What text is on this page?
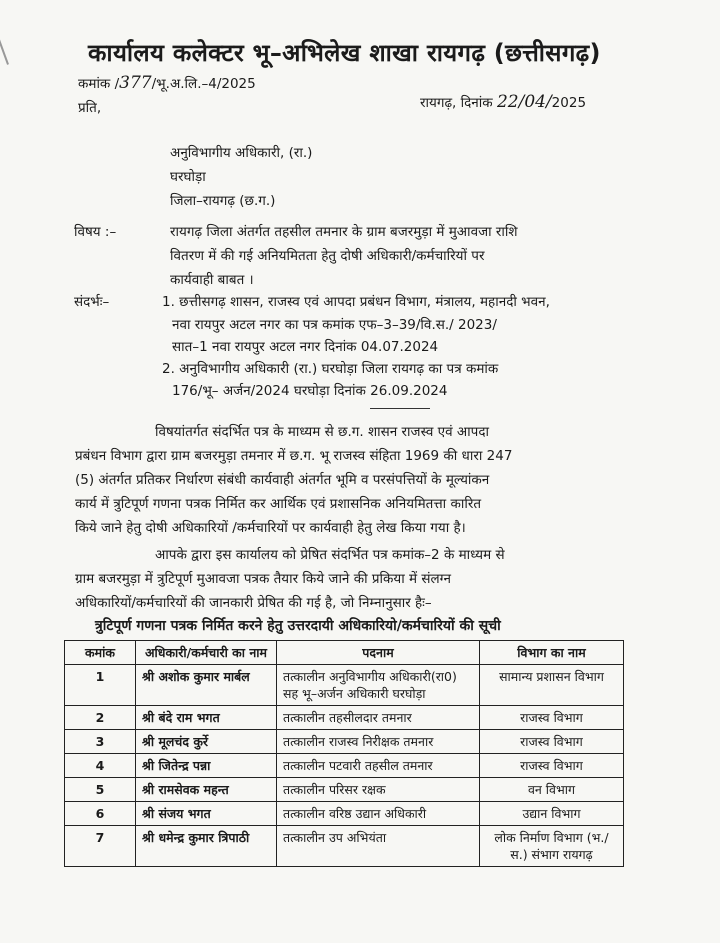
कार्यालय कलेक्टर भू–अभिलेख शाखा रायगढ़ (छत्तीसगढ़)
कमांक /377/भू.अ.लि.–4/2025
प्रति,	रायगढ़, दिनांक 22/04/2025
अनुविभागीय अधिकारी, (रा.)
घरघोड़ा
जिला–रायगढ़ (छ.ग.)
विषय :–	रायगढ़ जिला अंतर्गत तहसील तमनार के ग्राम बजरमुड़ा में मुआवजा राशि
वितरण में की गई अनियमितता हेतु दोषी अधिकारी/कर्मचारियों पर
कार्यवाही बाबत ।
संदर्भः–	1. छत्तीसगढ़ शासन, राजस्व एवं आपदा प्रबंधन विभाग, मंत्रालय, महानदी भवन,
नवा रायपुर अटल नगर का पत्र कमांक एफ–3–39/वि.स./ 2023/
सात–1 नवा रायपुर अटल नगर दिनांक 04.07.2024
2. अनुविभागीय अधिकारी (रा.) घरघोड़ा जिला रायगढ़ का पत्र कमांक
176/भू– अर्जन/2024 घरघोड़ा दिनांक 26.09.2024
विषयांतर्गत संदर्भित पत्र के माध्यम से छ.ग. शासन राजस्व एवं आपदा
प्रबंधन विभाग द्वारा ग्राम बजरमुड़ा तमनार में छ.ग. भू राजस्व संहिता 1969 की धारा 247
(5) अंतर्गत प्रतिकर निर्धारण संबंधी कार्यवाही अंतर्गत भूमि व परसंपत्तियों के मूल्यांकन
कार्य में त्रुटिपूर्ण गणना पत्रक निर्मित कर आर्थिक एवं प्रशासनिक अनियमितत्ता कारित
किये जाने हेतु दोषी अधिकारियों /कर्मचारियों पर कार्यवाही हेतु लेख किया गया है।
आपके द्वारा इस कार्यालय को प्रेषित संदर्भित पत्र कमांक–2 के माध्यम से
ग्राम बजरमुड़ा में त्रुटिपूर्ण मुआवजा पत्रक तैयार किये जाने की प्रकिया में संलग्न
अधिकारियों/कर्मचारियों की जानकारी प्रेषित की गई है, जो निम्नानुसार हैः–
त्रुटिपूर्ण गणना पत्रक निर्मित करने हेतु उत्तरदायी अधिकारियो/कर्मचारियों की सूची
कमांक	अधिकारी/कर्मचारी का नाम	पदनाम	विभाग का नाम
1	श्री अशोक कुमार मार्बल	तत्कालीन अनुविभागीय अधिकारी(रा0) सह भू–अर्जन अधिकारी घरघोड़ा	सामान्य प्रशासन विभाग
2	श्री बंदे राम भगत	तत्कालीन तहसीलदार तमनार	राजस्व विभाग
3	श्री मूलचंद कुर्रे	तत्कालीन राजस्व निरीक्षक तमनार	राजस्व विभाग
4	श्री जितेन्द्र पन्ना	तत्कालीन पटवारी तहसील तमनार	राजस्व विभाग
5	श्री रामसेवक महन्त	तत्कालीन परिसर रक्षक	वन विभाग
6	श्री संजय भगत	तत्कालीन वरिष्ठ उद्यान अधिकारी	उद्यान विभाग
7	श्री धमेन्द्र कुमार त्रिपाठी	तत्कालीन उप अभियंता	लोक निर्माण विभाग (भ./स.) संभाग रायगढ़
